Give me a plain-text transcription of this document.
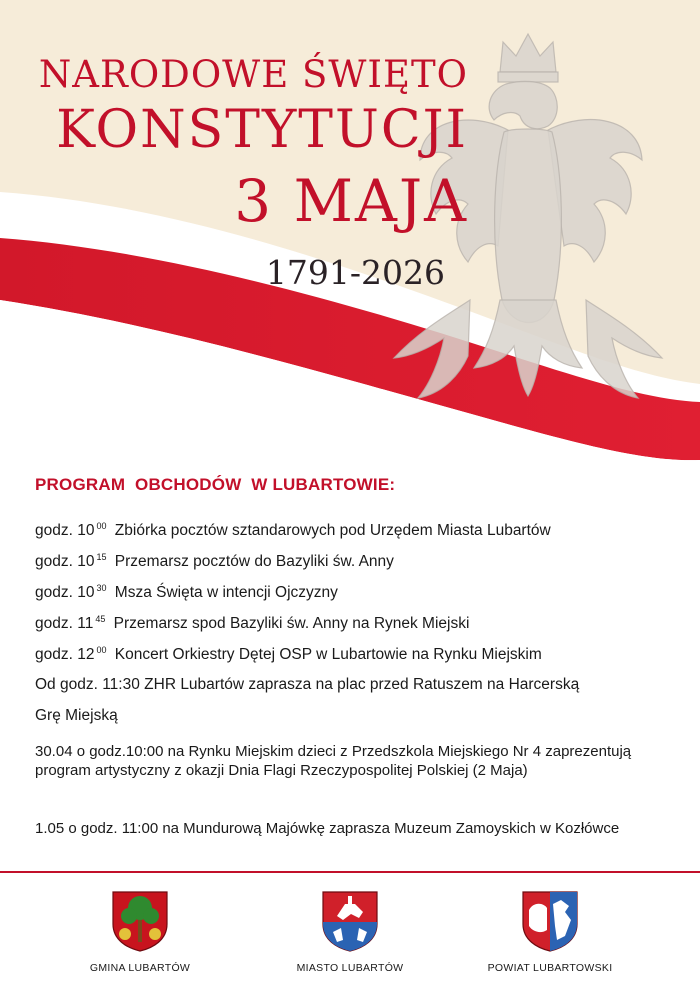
NARODOWE ŚWIĘTO
KONSTYTUCJI
3 MAJA
1791-2026
PROGRAM  OBCHODÓW  W LUBARTOWIE:
godz. 10 $^{00}$ Zbiórka pocztów sztandarowych pod Urzędem Miasta Lubartów
godz. 10 $^{15}$ Przemarsz pocztów do Bazyliki św. Anny
godz. 10 $^{30}$ Msza Święta w intencji Ojczyzny
godz. 11 $^{45}$ Przemarsz spod Bazyliki św. Anny na Rynek Miejski
godz. 12 $^{00}$ Koncert Orkiestry Dętej OSP w Lubartowie na Rynku Miejskim
Od godz. 11:30 ZHR Lubartów zaprasza na plac przed Ratuszem na Harcerską
Grę Miejską
30.04 o godz.10:00 na Rynku Miejskim dzieci z Przedszkola Miejskiego Nr 4 zaprezentują program artystyczny z okazji Dnia Flagi Rzeczypospolitej Polskiej (2 Maja)
1.05 o godz. 11:00 na Mundurową Majówkę zaprasza Muzeum Zamoyskich w Kozłówce
GMINA LUBARTÓW	MIASTO LUBARTÓW	POWIAT LUBARTOWSKI
